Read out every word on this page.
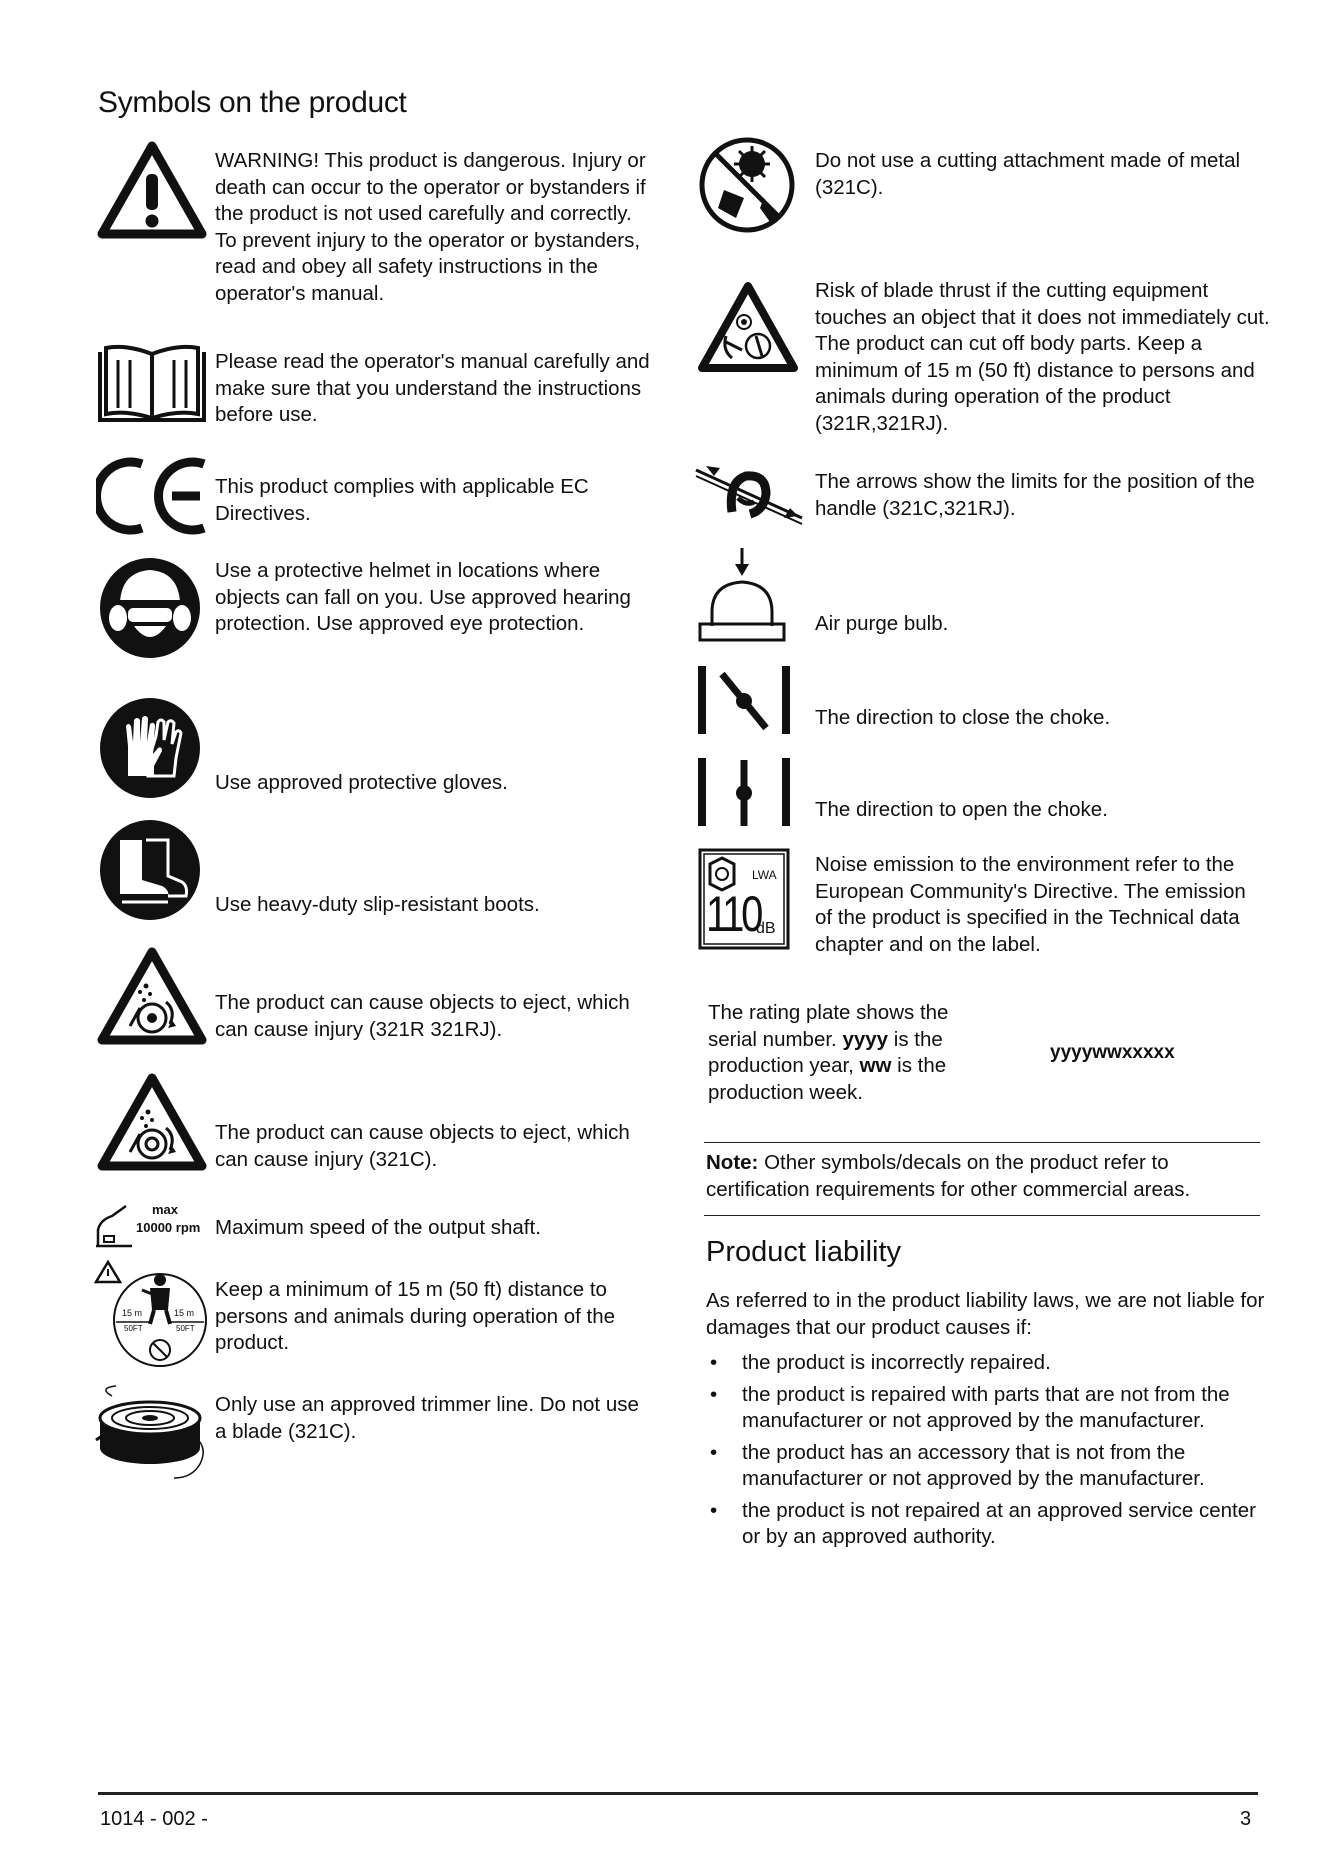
Symbols on the product

WARNING! This product is dangerous. Injury or death can occur to the operator or bystanders if the product is not used carefully and correctly. To prevent injury to the operator or bystanders, read and obey all safety instructions in the operator's manual.

Please read the operator's manual carefully and make sure that you understand the instructions before use.

This product complies with applicable EC Directives.

Use a protective helmet in locations where objects can fall on you. Use approved hearing protection. Use approved eye protection.

Use approved protective gloves.

Use heavy-duty slip-resistant boots.

The product can cause objects to eject, which can cause injury (321R 321RJ).

The product can cause objects to eject, which can cause injury (321C).

max
10000 rpm Maximum speed of the output shaft.

15 m
50FT
15 m
50FT

Keep a minimum of 15 m (50 ft) distance to persons and animals during operation of the product.

Only use an approved trimmer line. Do not use a blade (321C).

Do not use a cutting attachment made of metal (321C).

Risk of blade thrust if the cutting equipment touches an object that it does not immediately cut. The product can cut off body parts. Keep a minimum of 15 m (50 ft) distance to persons and animals during operation of the product (321R,321RJ).

The arrows show the limits for the position of the handle (321C,321RJ).

Air purge bulb.

The direction to close the choke.

The direction to open the choke.

LWA
110
dB

Noise emission to the environment refer to the European Community's Directive. The emission of the product is specified in the Technical data chapter and on the label.

The rating plate shows the
serial number. yyyy is the
production year, ww is the
production week.

yyyywwxxxxx

Note: Other symbols/decals on the product refer to certification requirements for other commercial areas.

Product liability

As referred to in the product liability laws, we are not liable for damages that our product causes if:

• the product is incorrectly repaired.
• the product is repaired with parts that are not from the manufacturer or not approved by the manufacturer.
• the product has an accessory that is not from the manufacturer or not approved by the manufacturer.
• the product is not repaired at an approved service center or by an approved authority.
1014 - 002 -	3
